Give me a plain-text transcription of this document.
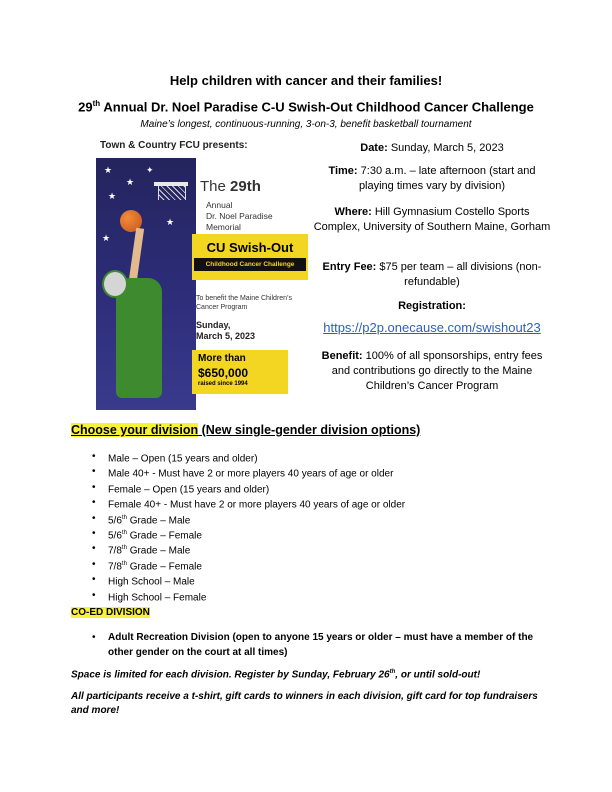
Help children with cancer and their families!
29th Annual Dr. Noel Paradise C-U Swish-Out Childhood Cancer Challenge
Maine’s longest, continuous-running, 3-on-3, benefit basketball tournament
Town & Country FCU presents:
★
★
★
✦
★
★
The 29th
Annual
Dr. Noel Paradise
Memorial
CU Swish-Out
Childhood Cancer Challenge
To benefit the Maine Children’s Cancer Program
Sunday,
March 5, 2023
More than
$650,000
raised since 1994
Date: Sunday, March 5, 2023
Time: 7:30 a.m. – late afternoon (start and playing times vary by division)
Where: Hill Gymnasium Costello Sports Complex, University of Southern Maine, Gorham
Entry Fee: $75 per team – all divisions (non-refundable)
Registration:
https://p2p.onecause.com/swishout23
Benefit: 100% of all sponsorships, entry fees and contributions go directly to the Maine Children’s Cancer Program
Choose your division (New single-gender division options)
• Male – Open (15 years and older)
• Male 40+ - Must have 2 or more players 40 years of age or older
• Female – Open (15 years and older)
• Female 40+ - Must have 2 or more players 40 years of age or older
• 5/6th Grade – Male
• 5/6th Grade – Female
• 7/8th Grade – Male
• 7/8th Grade – Female
• High School – Male
• High School – Female
CO-ED DIVISION
• Adult Recreation Division (open to anyone 15 years or older – must have a member of the other gender on the court at all times)
Space is limited for each division. Register by Sunday, February 26th, or until sold-out!
All participants receive a t-shirt, gift cards to winners in each division, gift card for top fundraisers and more!
